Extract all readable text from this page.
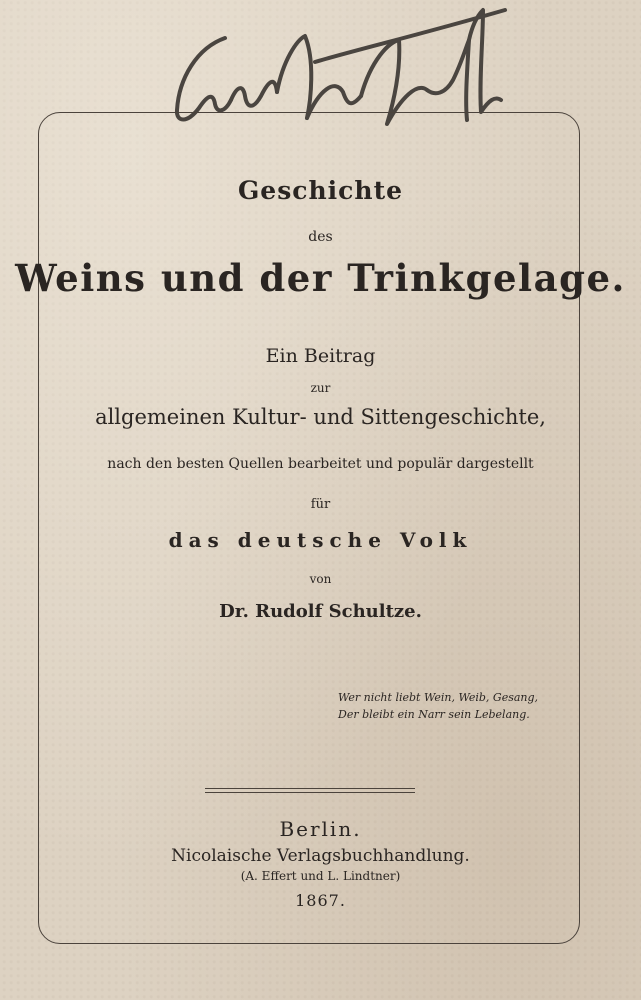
Geschichte
des
Weins und der Trinkgelage.
Ein Beitrag
zur
allgemeinen Kultur- und Sittengeschichte,
nach den besten Quellen bearbeitet und populär dargestellt
für
das deutsche Volk
von
Dr. Rudolf Schultze.
Wer nicht liebt Wein, Weib, Gesang,
Der bleibt ein Narr sein Lebelang.
Berlin.
Nicolaische Verlagsbuchhandlung.
(A. Effert und L. Lindtner)
1867.
